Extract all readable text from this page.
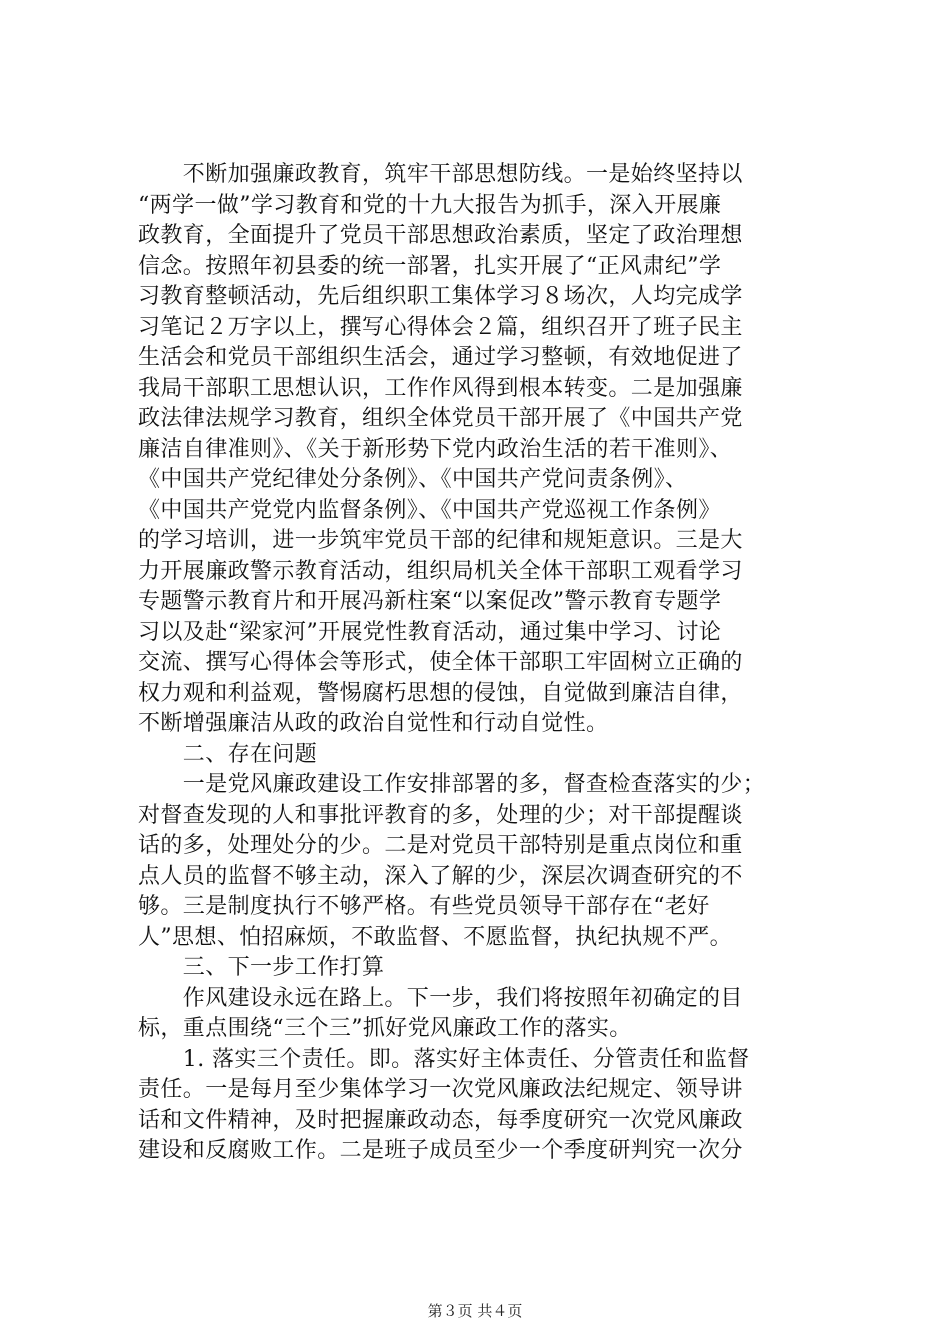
　　不断加强廉政教育，筑牢干部思想防线。一是始终坚持以
“两学一做”学习教育和党的十九大报告为抓手，深入开展廉
政教育，全面提升了党员干部思想政治素质，坚定了政治理想
信念。按照年初县委的统一部署，扎实开展了“正风肃纪”学
习教育整顿活动，先后组织职工集体学习８场次，人均完成学
习笔记２万字以上，撰写心得体会２篇，组织召开了班子民主
生活会和党员干部组织生活会，通过学习整顿，有效地促进了
我局干部职工思想认识，工作作风得到根本转变。二是加强廉
政法律法规学习教育，组织全体党员干部开展了《中国共产党
廉洁自律准则》、《关于新形势下党内政治生活的若干准则》、
《中国共产党纪律处分条例》、《中国共产党问责条例》、
《中国共产党党内监督条例》、《中国共产党巡视工作条例》
的学习培训，进一步筑牢党员干部的纪律和规矩意识。三是大
力开展廉政警示教育活动，组织局机关全体干部职工观看学习
专题警示教育片和开展冯新柱案“以案促改”警示教育专题学
习以及赴“梁家河”开展党性教育活动，通过集中学习、讨论
交流、撰写心得体会等形式，使全体干部职工牢固树立正确的
权力观和利益观，警惕腐朽思想的侵蚀，自觉做到廉洁自律，
不断增强廉洁从政的政治自觉性和行动自觉性。
　　二、存在问题
　　一是党风廉政建设工作安排部署的多，督查检查落实的少；
对督查发现的人和事批评教育的多，处理的少；对干部提醒谈
话的多，处理处分的少。二是对党员干部特别是重点岗位和重
点人员的监督不够主动，深入了解的少，深层次调查研究的不
够。三是制度执行不够严格。有些党员领导干部存在“老好
人”思想、怕招麻烦，不敢监督、不愿监督，执纪执规不严。
　　三、下一步工作打算
　　作风建设永远在路上。下一步，我们将按照年初确定的目
标，重点围绕“三个三”抓好党风廉政工作的落实。
　　1. 落实三个责任。即。落实好主体责任、分管责任和监督
责任。一是每月至少集体学习一次党风廉政法纪规定、领导讲
话和文件精神，及时把握廉政动态，每季度研究一次党风廉政
建设和反腐败工作。二是班子成员至少一个季度研判究一次分
第３页 共４页
